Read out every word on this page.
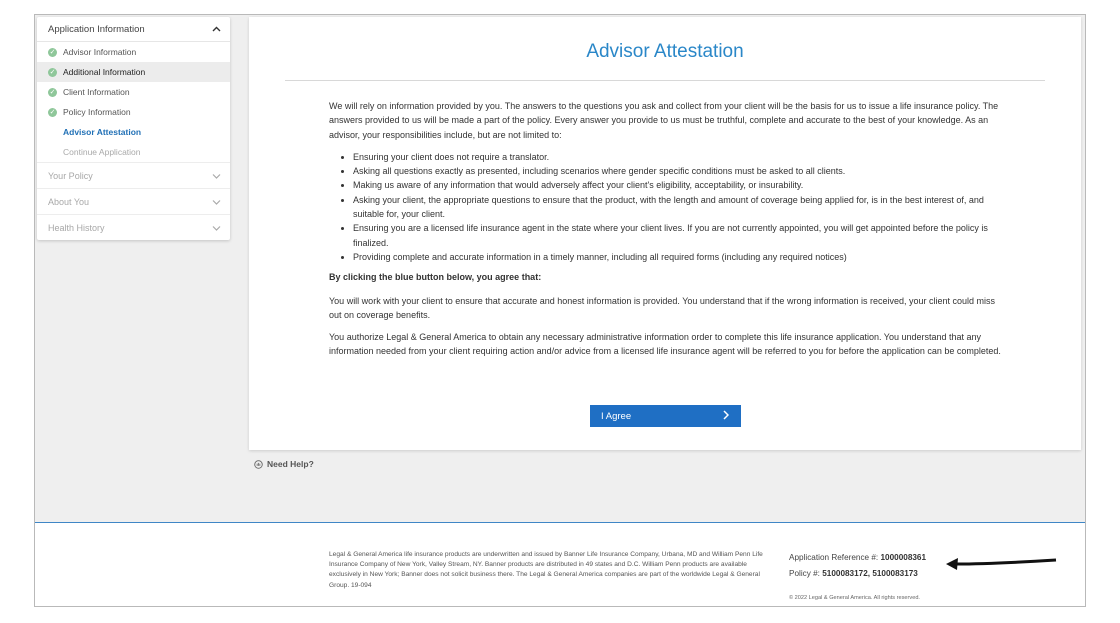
Application Information
✓ Advisor Information
✓ Additional Information
✓ Client Information
✓ Policy Information
Advisor Attestation
Continue Application
Your Policy
About You
Health History
Advisor Attestation

We will rely on information provided by you. The answers to the questions you ask and collect from your client will be the basis for us to issue a life insurance policy. The answers provided to us will be made a part of the policy. Every answer you provide to us must be truthful, complete and accurate to the best of your knowledge. As an advisor, your responsibilities include, but are not limited to:

• Ensuring your client does not require a translator.
• Asking all questions exactly as presented, including scenarios where gender specific conditions must be asked to all clients.
• Making us aware of any information that would adversely affect your client's eligibility, acceptability, or insurability.
• Asking your client, the appropriate questions to ensure that the product, with the length and amount of coverage being applied for, is in the best interest of, and suitable for, your client.
• Ensuring you are a licensed life insurance agent in the state where your client lives. If you are not currently appointed, you will get appointed before the policy is finalized.
• Providing complete and accurate information in a timely manner, including all required forms (including any required notices)

By clicking the blue button below, you agree that:

You will work with your client to ensure that accurate and honest information is provided. You understand that if the wrong information is received, your client could miss out on coverage benefits.

You authorize Legal & General America to obtain any necessary administrative information order to complete this life insurance application. You understand that any information needed from your client requiring action and/or advice from a licensed life insurance agent will be referred to you for before the application can be completed.

I Agree
Need Help?
Legal & General America life insurance products are underwritten and issued by Banner Life Insurance Company, Urbana, MD and William Penn Life Insurance Company of New York, Valley Stream, NY. Banner products are distributed in 49 states and D.C. William Penn products are available exclusively in New York; Banner does not solicit business there. The Legal & General America companies are part of the worldwide Legal & General Group. 19-094
Application Reference #: 1000008361
Policy #: 5100083172, 5100083173
© 2022 Legal & General America. All rights reserved.
